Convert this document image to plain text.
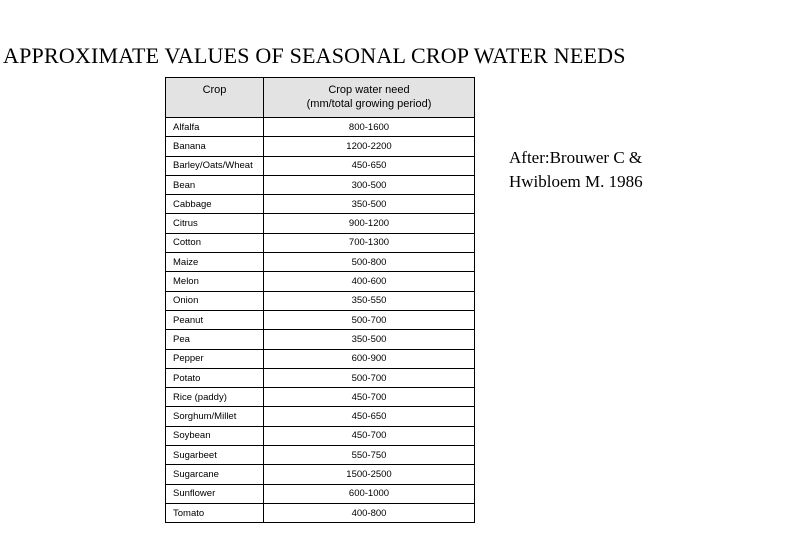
APPROXIMATE VALUES OF SEASONAL CROP WATER NEEDS
Crop	Crop water need
(mm/total growing period)
Alfalfa	800-1600
Banana	1200-2200
Barley/Oats/Wheat	450-650
Bean	300-500
Cabbage	350-500
Citrus	900-1200
Cotton	700-1300
Maize	500-800
Melon	400-600
Onion	350-550
Peanut	500-700
Pea	350-500
Pepper	600-900
Potato	500-700
Rice (paddy)	450-700
Sorghum/Millet	450-650
Soybean	450-700
Sugarbeet	550-750
Sugarcane	1500-2500
Sunflower	600-1000
Tomato	400-800
After:Brouwer C &
Hwibloem M. 1986
